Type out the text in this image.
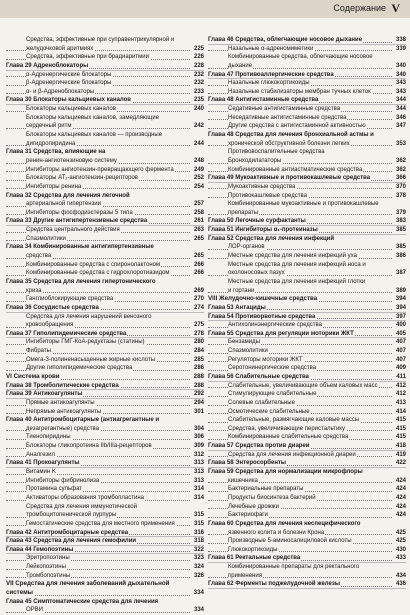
Содержание V
Средства, эффективные при суправентрикулярной и
желудочковой аритмиях	225
Средства, эффективные при брадиаритмии	226
Глава 29 Адреноблокаторы	228
α-Адренергические блокаторы	232
β-Адренергические блокаторы	232
α- и β-Адреноблокаторы	233
Глава 30 Блокаторы кальциевых каналов	235
Блокаторы кальциевых каналов	240
Блокаторы кальциевых каналов, замедляющие
сердечный ритм	242
Блокаторы кальциевых каналов — производные
дигидропиридина	244
Глава 31 Средства, влияющие на
ренин-ангиотензиновую систему	248
Ингибиторы ангиотензин-превращающего фермента	249
Блокаторы AT₁-ангиотензин-рецепторов	252
Ингибиторы ренина	254
Глава 32 Средства для лечения легочной
артериальной гипертензии	257
Ингибиторы фосфодиэстеразы 5 типа	258
Глава 33 Другие антигипертензивные средства	261
Средства центрального действия	263
Спазмолитики	265
Глава 34 Комбинированные антигипертензивные
средства	265
Комбинированные средства с спиронолактоном	266
Комбинированные средства с гидрохлоротиазидом	266
Глава 35 Средства для лечения гипертонического
криза	269
Ганглиоблокирующие средства	270
Глава 36 Сосудистые средства	274
Средства для лечения нарушений венозного
кровообращения	275
Глава 37 Гиполипидемические средства	278
Ингибиторы ГМГ-КоА-редуктазы (статины)	280
Фибраты	284
Омега-3-полиненасыщенные жирные кислоты	285
Другие гиполипидемические средства	286
VI Система крови	288
Глава 38 Тромболитические средства	288
Глава 39 Антикоагулянты	292
Прямые антикоагулянты	294
Непрямые антикоагулянты	301
Глава 40 Антитромбоцитарные (антиагрегантные и
дезагрегантные) средства	304
Тиенопиридины	306
Блокаторы гликопротеина IIb/IIIa-рецепторов	309
Аналгезил	312
Глава 41 Прокоагулянты	313
Витамин K	313
Ингибиторы фибринолиза	313
Протамина сульфат	314
Активаторы образования тромбопластина	314
Средства для лечения иммунотической
тромбоцитопенической пурпуры	315
Гемостатические средства для местного применения	315
Глава 42 Антитромбоцитарные средства	316
Глава 43 Средства для лечения гемофилии	318
Глава 44 Гемопоэтины	322
Эритропоэтины	323
Лейкопоэтины	324
Тромбопоэтины	326
VII Средства для лечения заболеваний дыхательной
системы	334
Глава 45 Симптоматические средства для лечения
ОРВИ	334
Глава 46 Средства, облегчающие носовое дыхание	338
Назальные α-адреномиметики	339
Комбинированные средства, облегчающие носовое
дыхание	340
Глава 47 Противоаллергические средства	340
Назальные глюкокортикоиды	343
Назальные стабилизаторы мембран тучных клеток	343
Глава 48 Антигистаминные средства	344
Седативные антигистаминные средства	344
Неседативные антигистаминные средства	346
Другие средства с антигистаминной активностью	347
Глава 48 Средства для лечения бронхиальной астмы и
хронической обструктивной болезни легких	353
Противовоспалительные средства
Бронходилататоры	362
Комбинированные антиастматические средства	362
Глава 49 Мукоактивные и противокашлевые средства	366
Мукоактивные средства	370
Противокашлевые средства	378
Комбинированные мукоактивные и противокашлевые
препараты	379
Глава 50 Легочные сурфактанты	383
Глава 51 Ингибиторы α₁-протеиназы	385
Глава 52 Средства для лечения инфекций
ЛОР-органов	385
Местные средства для лечения инфекций уха	386
Местные средства для лечения инфекций носа и
околоносовых пазух	387
Местные средства для лечения инфекций глотки
и гортани	389
VIII Желудочно-кишечные средства	394
Глава 53 Антациды	394
Глава 54 Противорвотные средства	397
Антихолинэнергические средства	400
Глава 55 Средства для регуляции моторики ЖКТ	405
Бензамиды	407
Спазмолитики	407
Регуляторы моторики ЖКТ	407
Серотонинергические средства	409
Глава 56 Слабительные средства	411
Слабительные, увеличивающие объем каловых масс	412
Стимулирующие слабительные	412
Солевые слабительные	413
Осмотические слабительные	414
Слабительные, размягчающие каловые массы	415
Средства, увеличивающие перистальтику	415
Комбинированные слабительные средства	415
Глава 57 Средства против диареи	418
Средства для лечения инфекционной диареи	419
Глава 58 Энтеросорбенты	422
Глава 59 Средства для нормализации микрофлоры
кишечника	424
Бактериальные препараты	424
Продукты биосинтеза бактерий	424
Лечебные дрожжи	424
Бактериофаги	424
Глава 60 Средства для лечения неспецифического
язвенного колита и болезни Крона	425
Производные 5-аминосалициловой кислоты	425
Глюкокортикоиды	430
Глава 61 Ректальные средства	433
Комбинированные препараты для ректального
применения	434
Глава 62 Ферменты поджелудочной железы	436
